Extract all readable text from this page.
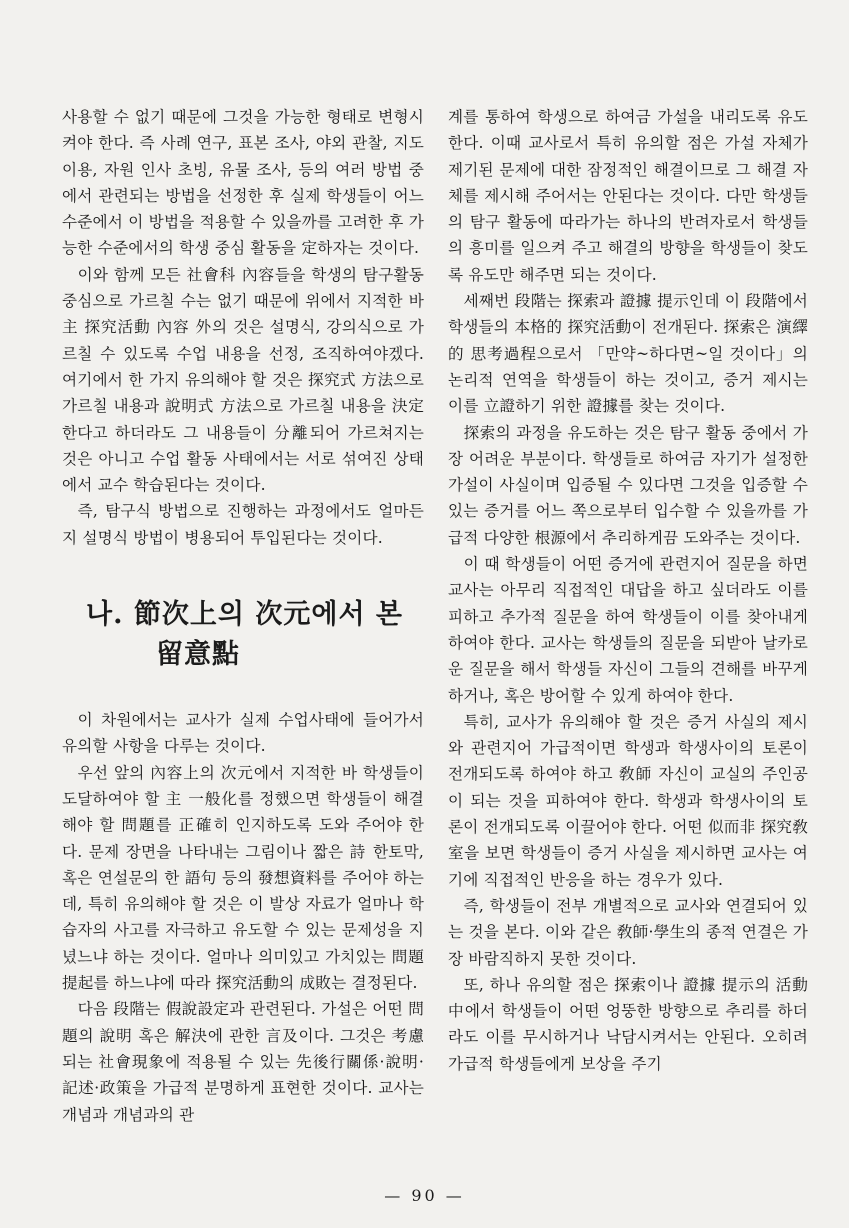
사용할 수 없기 때문에 그것을 가능한 형태로 변형시켜야 한다. 즉 사례 연구, 표본 조사, 야외 관찰, 지도 이용, 자원 인사 초빙, 유물 조사, 등의 여러 방법 중에서 관련되는 방법을 선정한 후 실제 학생들이 어느 수준에서 이 방법을 적용할 수 있을까를 고려한 후 가능한 수준에서의 학생 중심 활동을 定하자는 것이다.

이와 함께 모든 社會科 內容들을 학생의 탐구활동 중심으로 가르칠 수는 없기 때문에 위에서 지적한 바 主 探究活動 內容 外의 것은 설명식, 강의식으로 가르칠 수 있도록 수업 내용을 선정, 조직하여야겠다. 여기에서 한 가지 유의해야 할 것은 探究式 方法으로 가르칠 내용과 說明式 方法으로 가르칠 내용을 決定한다고 하더라도 그 내용들이 分離되어 가르쳐지는 것은 아니고 수업 활동 사태에서는 서로 섞여진 상태에서 교수 학습된다는 것이다.

즉, 탐구식 방법으로 진행하는 과정에서도 얼마든지 설명식 방법이 병용되어 투입된다는 것이다.

나. 節次上의 次元에서 본
留意點

이 차원에서는 교사가 실제 수업사태에 들어가서 유의할 사항을 다루는 것이다.

우선 앞의 內容上의 次元에서 지적한 바 학생들이 도달하여야 할 主 一般化를 정했으면 학생들이 해결해야 할 問題를 正確히 인지하도록 도와 주어야 한다. 문제 장면을 나타내는 그림이나 짧은 詩 한토막, 혹은 연설문의 한 語句 등의 發想資料를 주어야 하는데, 특히 유의해야 할 것은 이 발상 자료가 얼마나 학습자의 사고를 자극하고 유도할 수 있는 문제성을 지녔느냐 하는 것이다. 얼마나 의미있고 가치있는 問題提起를 하느냐에 따라 探究活動의 成敗는 결정된다.

다음 段階는 假說設定과 관련된다. 가설은 어떤 問題의 說明 혹은 解決에 관한 言及이다. 그것은 考慮되는 社會現象에 적용될 수 있는 先後行關係·說明·記述·政策을 가급적 분명하게 표현한 것이다. 교사는 개념과 개념과의 관

계를 통하여 학생으로 하여금 가설을 내리도록 유도한다. 이때 교사로서 특히 유의할 점은 가설 자체가 제기된 문제에 대한 잠정적인 해결이므로 그 해결 자체를 제시해 주어서는 안된다는 것이다. 다만 학생들의 탐구 활동에 따라가는 하나의 반려자로서 학생들의 흥미를 일으켜 주고 해결의 방향을 학생들이 찾도록 유도만 해주면 되는 것이다.

세째번 段階는 探索과 證據 提示인데 이 段階에서 학생들의 本格的 探究活動이 전개된다. 探索은 演繹的 思考過程으로서 「만약~하다면~일 것이다」의 논리적 연역을 학생들이 하는 것이고, 증거 제시는 이를 立證하기 위한 證據를 찾는 것이다.

探索의 과정을 유도하는 것은 탐구 활동 중에서 가장 어려운 부분이다. 학생들로 하여금 자기가 설정한 가설이 사실이며 입증될 수 있다면 그것을 입증할 수 있는 증거를 어느 쪽으로부터 입수할 수 있을까를 가급적 다양한 根源에서 추리하게끔 도와주는 것이다.

이 때 학생들이 어떤 증거에 관련지어 질문을 하면 교사는 아무리 직접적인 대답을 하고 싶더라도 이를 피하고 추가적 질문을 하여 학생들이 이를 찾아내게 하여야 한다. 교사는 학생들의 질문을 되받아 날카로운 질문을 해서 학생들 자신이 그들의 견해를 바꾸게 하거나, 혹은 방어할 수 있게 하여야 한다.

특히, 교사가 유의해야 할 것은 증거 사실의 제시와 관련지어 가급적이면 학생과 학생사이의 토론이 전개되도록 하여야 하고 敎師 자신이 교실의 주인공이 되는 것을 피하여야 한다. 학생과 학생사이의 토론이 전개되도록 이끌어야 한다. 어떤 似而非 探究敎室을 보면 학생들이 증거 사실을 제시하면 교사는 여기에 직접적인 반응을 하는 경우가 있다.

즉, 학생들이 전부 개별적으로 교사와 연결되어 있는 것을 본다. 이와 같은 敎師·學生의 종적 연결은 가장 바람직하지 못한 것이다.

또, 하나 유의할 점은 探索이나 證據 提示의 活動 中에서 학생들이 어떤 엉뚱한 방향으로 추리를 하더라도 이를 무시하거나 낙담시켜서는 안된다. 오히려 가급적 학생들에게 보상을 주기

— 90 —
